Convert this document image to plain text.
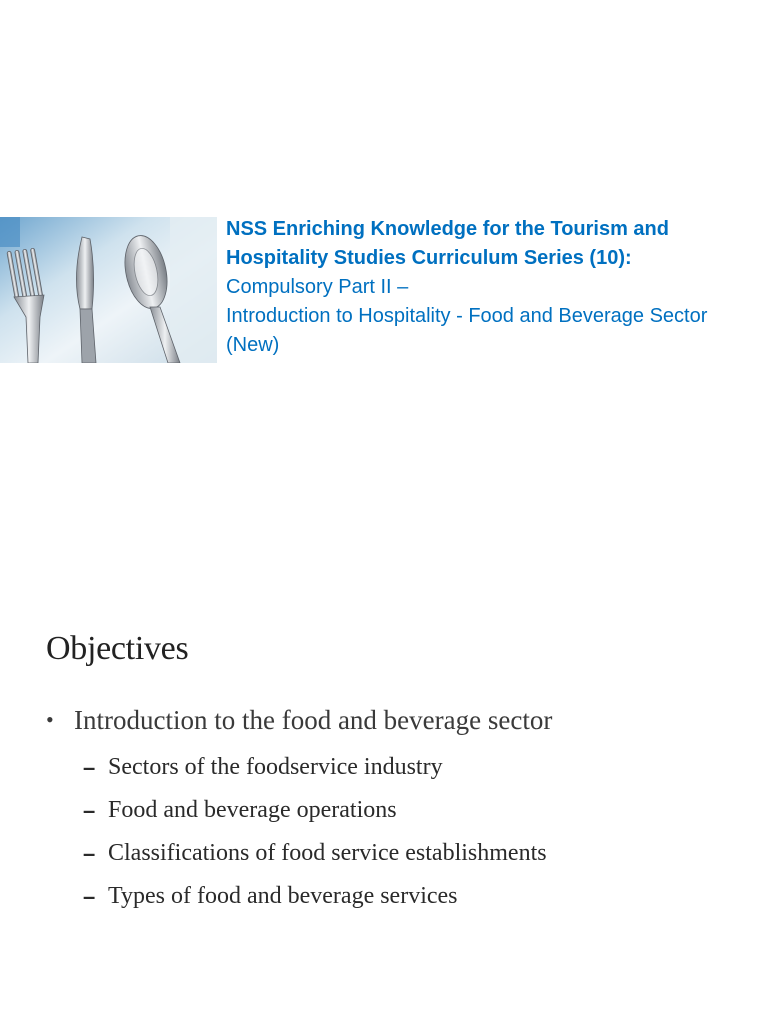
NSS Enriching Knowledge for the Tourism and Hospitality Studies Curriculum Series (10):
Compulsory Part II –
Introduction to Hospitality - Food and Beverage Sector (New)
Objectives
• Introduction to the food and beverage sector
– Sectors of the foodservice industry
– Food and beverage operations
– Classifications of food service establishments
– Types of food and beverage services
